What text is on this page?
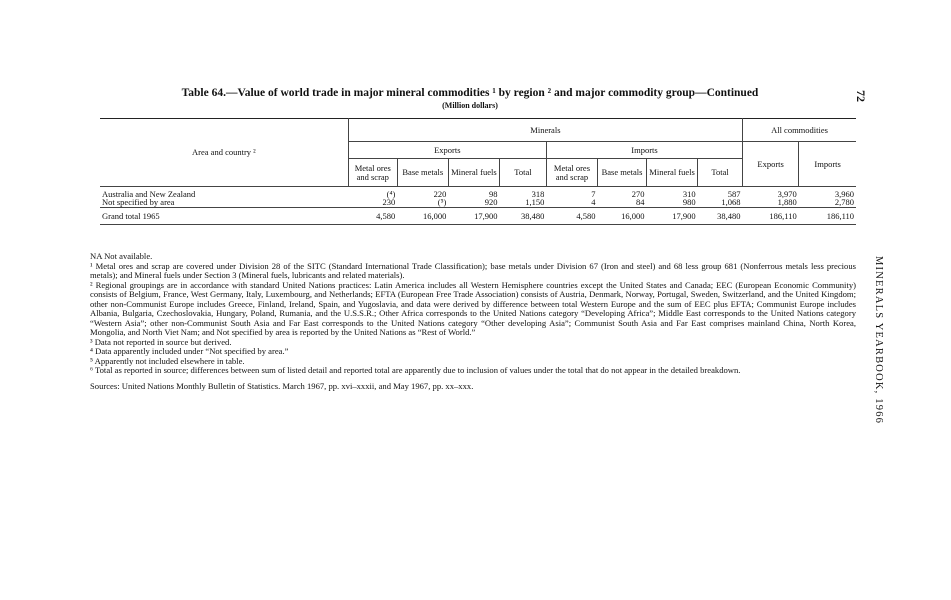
Table 64.—Value of world trade in major mineral commodities ¹ by region ² and major commodity group—Continued
(Million dollars)
72
MINERALS YEARBOOK, 1966
Area and country ²	Minerals								All commodities	
	Exports				Imports				Exports	Imports
	Metal ores and scrap	Base metals	Mineral fuels	Total	Metal ores and scrap	Base metals	Mineral fuels	Total		

Australia and New Zealand	(⁴)	220	98	318	7	270	310	587	3,970	3,960
Not specified by area	230	(⁵)	920	1,150	4	84	980	1,068	1,880	2,780
Grand total 1965	4,580	16,000	17,900	38,480	4,580	16,000	17,900	38,480	186,110	186,110

NA Not available.

¹ Metal ores and scrap are covered under Division 28 of the SITC (Standard International Trade Classification); base metals under Division 67 (Iron and steel) and 68 less group 681 (Nonferrous metals less precious metals); and Mineral fuels under Section 3 (Mineral fuels, lubricants and related materials).

² Regional groupings are in accordance with standard United Nations practices: Latin America includes all Western Hemisphere countries except the United States and Canada; EEC (European Economic Community) consists of Belgium, France, West Germany, Italy, Luxembourg, and Netherlands; EFTA (European Free Trade Association) consists of Austria, Denmark, Norway, Portugal, Sweden, Switzerland, and the United Kingdom; other non-Communist Europe includes Greece, Finland, Ireland, Spain, and Yugoslavia, and data were derived by difference between total Western Europe and the sum of EEC plus EFTA; Communist Europe includes Albania, Bulgaria, Czechoslovakia, Hungary, Poland, Rumania, and the U.S.S.R.; Other Africa corresponds to the United Nations category “Developing Africa”; Middle East corresponds to the United Nations category “Western Asia”; other non-Communist South Asia and Far East corresponds to the United Nations category “Other developing Asia”; Communist South Asia and Far East comprises mainland China, North Korea, Mongolia, and North Viet Nam; and Not specified by area is reported by the United Nations as “Rest of World.”

³ Data not reported in source but derived.

⁴ Data apparently included under “Not specified by area.”

⁵ Apparently not included elsewhere in table.

⁶ Total as reported in source; differences between sum of listed detail and reported total are apparently due to inclusion of values under the total that do not appear in the detailed breakdown.

Sources: United Nations Monthly Bulletin of Statistics. March 1967, pp. xvi–xxxii, and May 1967, pp. xx–xxx.
